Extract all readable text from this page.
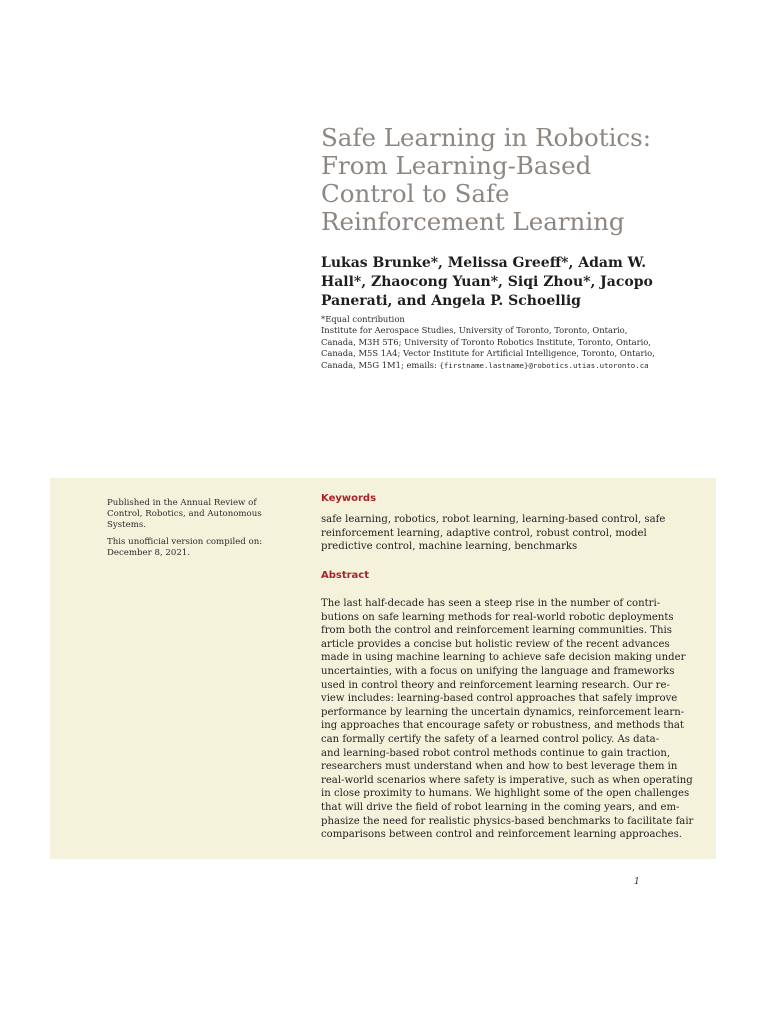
Safe Learning in Robotics:
From Learning-Based
Control to Safe
Reinforcement Learning
Lukas Brunke*, Melissa Greeff*, Adam W.
Hall*, Zhaocong Yuan*, Siqi Zhou*, Jacopo
Panerati, and Angela P. Schoellig
*Equal contribution
Institute for Aerospace Studies, University of Toronto, Toronto, Ontario,
Canada, M3H 5T6; University of Toronto Robotics Institute, Toronto, Ontario,
Canada, M5S 1A4; Vector Institute for Artificial Intelligence, Toronto, Ontario,
Canada, M5G 1M1; emails: {firstname.lastname}@robotics.utias.utoronto.ca

Published in the Annual Review of
Control, Robotics, and Autonomous
Systems.

This unofficial version compiled on:
December 8, 2021.

Keywords
safe learning, robotics, robot learning, learning-based control, safe
reinforcement learning, adaptive control, robust control, model
predictive control, machine learning, benchmarks
Abstract
The last half-decade has seen a steep rise in the number of contri-
butions on safe learning methods for real-world robotic deployments
from both the control and reinforcement learning communities. This
article provides a concise but holistic review of the recent advances
made in using machine learning to achieve safe decision making under
uncertainties, with a focus on unifying the language and frameworks
used in control theory and reinforcement learning research. Our re-
view includes: learning-based control approaches that safely improve
performance by learning the uncertain dynamics, reinforcement learn-
ing approaches that encourage safety or robustness, and methods that
can formally certify the safety of a learned control policy. As data-
and learning-based robot control methods continue to gain traction,
researchers must understand when and how to best leverage them in
real-world scenarios where safety is imperative, such as when operating
in close proximity to humans. We highlight some of the open challenges
that will drive the field of robot learning in the coming years, and em-
phasize the need for realistic physics-based benchmarks to facilitate fair
comparisons between control and reinforcement learning approaches.
1
